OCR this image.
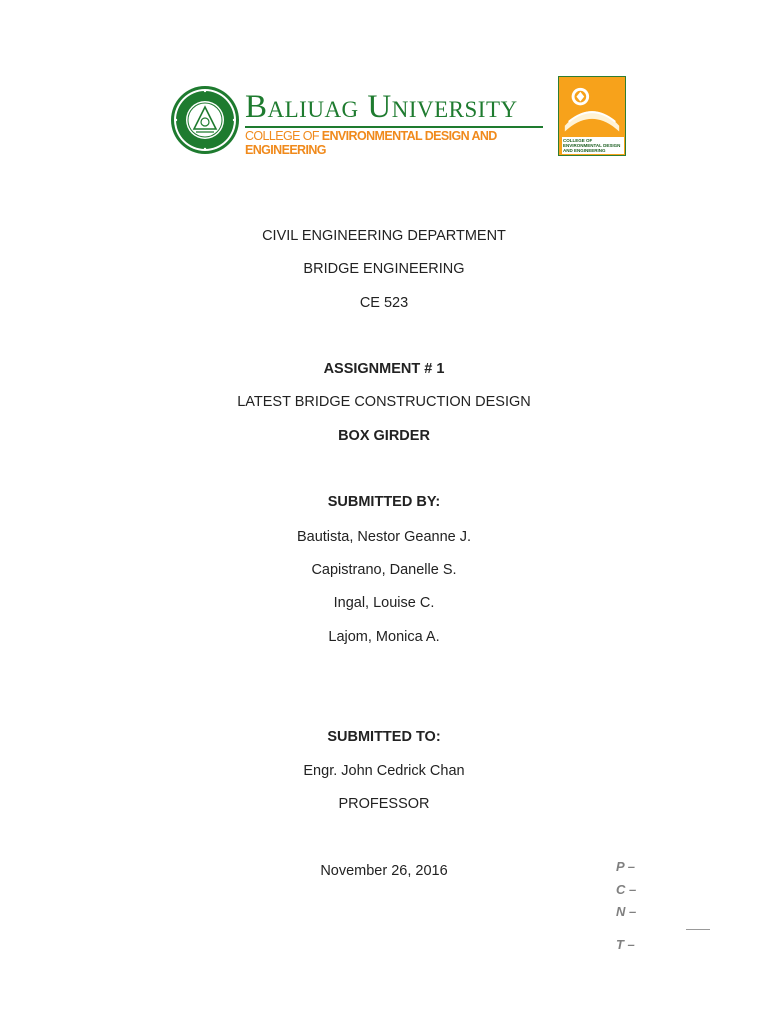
Baliuag University
COLLEGE OF ENVIRONMENTAL DESIGN AND
ENGINEERING
COLLEGE OF ENVIRONMENTAL DESIGN AND ENGINEERING
CIVIL ENGINEERING DEPARTMENT
BRIDGE ENGINEERING
CE 523
ASSIGNMENT # 1
LATEST BRIDGE CONSTRUCTION DESIGN
BOX GIRDER
SUBMITTED BY:
Bautista, Nestor Geanne J.
Capistrano, Danelle S.
Ingal, Louise C.
Lajom, Monica A.
SUBMITTED TO:
Engr. John Cedrick Chan
PROFESSOR
November 26, 2016	P –
C –
N –
T –
